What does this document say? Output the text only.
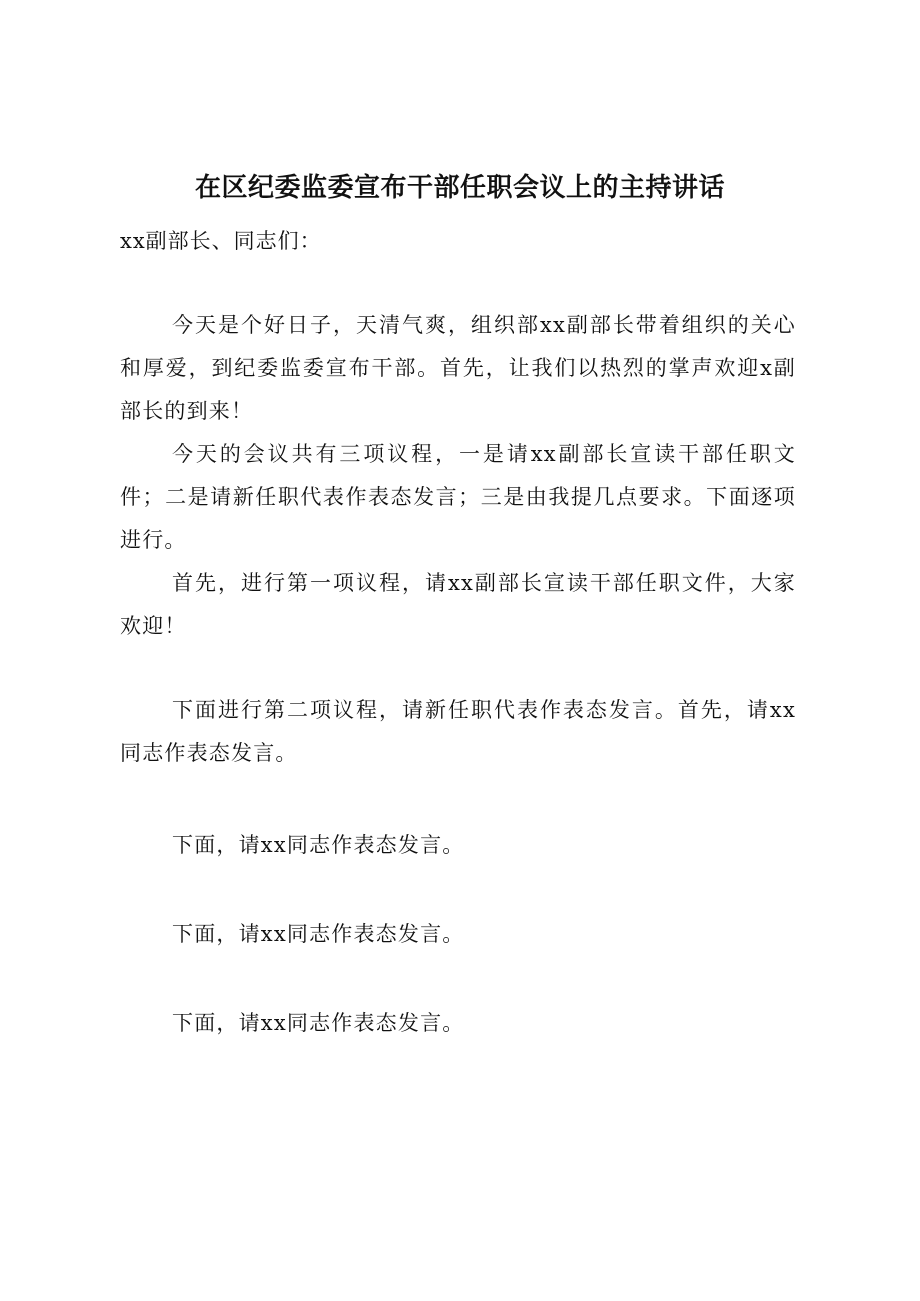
在区纪委监委宣布干部任职会议上的主持讲话
xx副部长、同志们：

今天是个好日子，天清气爽，组织部xx副部长带着组织的关心和厚爱，到纪委监委宣布干部。首先，让我们以热烈的掌声欢迎x副部长的到来！

今天的会议共有三项议程，一是请xx副部长宣读干部任职文件；二是请新任职代表作表态发言；三是由我提几点要求。下面逐项进行。

首先，进行第一项议程，请xx副部长宣读干部任职文件，大家欢迎！

下面进行第二项议程，请新任职代表作表态发言。首先，请xx同志作表态发言。

下面，请xx同志作表态发言。

下面，请xx同志作表态发言。

下面，请xx同志作表态发言。
